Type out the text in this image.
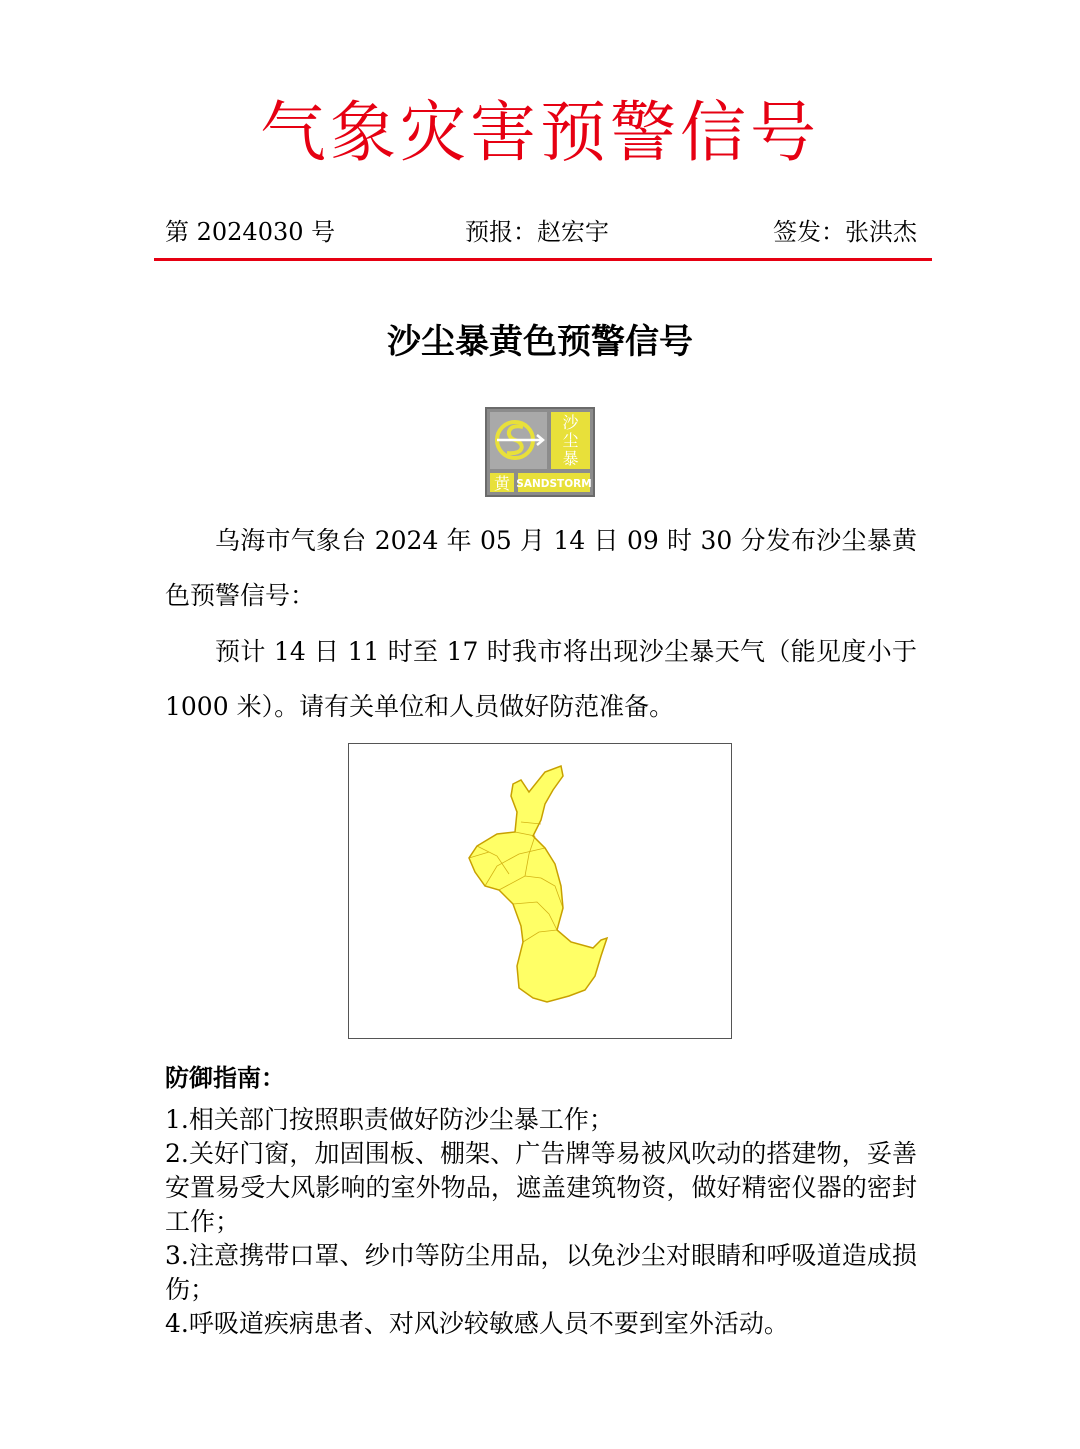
气象灾害预警信号
第 2024030 号	预报：赵宏宇	签发：张洪杰
沙尘暴黄色预警信号
沙
尘
暴
黄 SANDSTORM
乌海市气象台 2024 年 05 月 14 日 09 时 30 分发布沙尘暴黄色预警信号：
预计 14 日 11 时至 17 时我市将出现沙尘暴天气（能见度小于 1000 米）。请有关单位和人员做好防范准备。
防御指南：
1.相关部门按照职责做好防沙尘暴工作；
2.关好门窗，加固围板、棚架、广告牌等易被风吹动的搭建物，妥善安置易受大风影响的室外物品，遮盖建筑物资，做好精密仪器的密封工作；
3.注意携带口罩、纱巾等防尘用品，以免沙尘对眼睛和呼吸道造成损伤；
4.呼吸道疾病患者、对风沙较敏感人员不要到室外活动。
